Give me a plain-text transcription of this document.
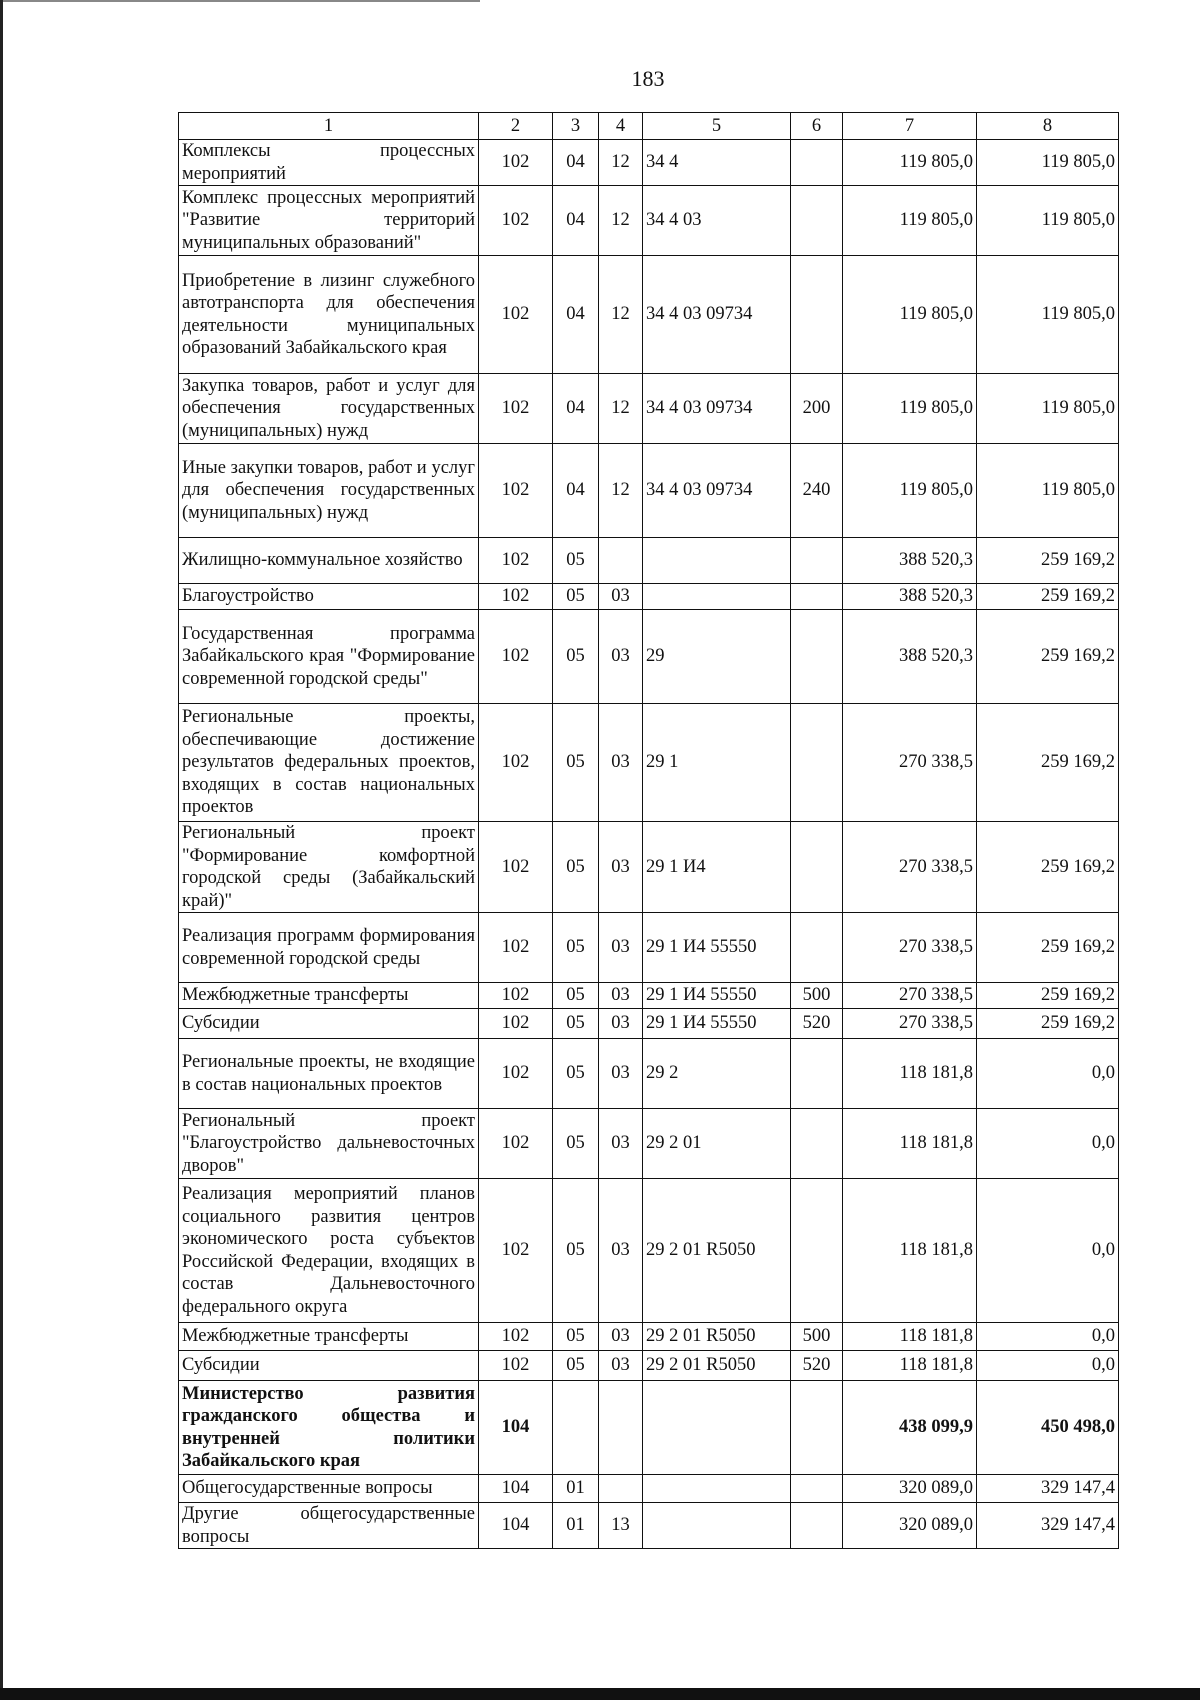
183
1	2	3	4	5	6	7	8
Комплексы процессных мероприятий	102	04	12	34 4		119 805,0	119 805,0
Комплекс процессных мероприятий "Развитие территорий муниципальных образований"	102	04	12	34 4 03		119 805,0	119 805,0
Приобретение в лизинг служебного автотранспорта для обеспечения деятельности муниципальных образований Забайкальского края	102	04	12	34 4 03 09734		119 805,0	119 805,0
Закупка товаров, работ и услуг для обеспечения государственных (муниципальных) нужд	102	04	12	34 4 03 09734	200	119 805,0	119 805,0
Иные закупки товаров, работ и услуг для обеспечения государственных (муниципальных) нужд	102	04	12	34 4 03 09734	240	119 805,0	119 805,0
Жилищно-коммунальное хозяйство	102	05				388 520,3	259 169,2
Благоустройство	102	05	03			388 520,3	259 169,2
Государственная программа Забайкальского края "Формирование современной городской среды"	102	05	03	29		388 520,3	259 169,2
Региональные проекты, обеспечивающие достижение результатов федеральных проектов, входящих в состав национальных проектов	102	05	03	29 1		270 338,5	259 169,2
Региональный проект "Формирование комфортной городской среды (Забайкальский край)"	102	05	03	29 1 И4		270 338,5	259 169,2
Реализация программ формирования современной городской среды	102	05	03	29 1 И4 55550		270 338,5	259 169,2
Межбюджетные трансферты	102	05	03	29 1 И4 55550	500	270 338,5	259 169,2
Субсидии	102	05	03	29 1 И4 55550	520	270 338,5	259 169,2
Региональные проекты, не входящие в состав национальных проектов	102	05	03	29 2		118 181,8	0,0
Региональный проект "Благоустройство дальневосточных дворов"	102	05	03	29 2 01		118 181,8	0,0
Реализация мероприятий планов социального развития центров экономического роста субъектов Российской Федерации, входящих в состав Дальневосточного федерального округа	102	05	03	29 2 01 R5050		118 181,8	0,0
Межбюджетные трансферты	102	05	03	29 2 01 R5050	500	118 181,8	0,0
Субсидии	102	05	03	29 2 01 R5050	520	118 181,8	0,0
Министерство развития гражданского общества и внутренней политики Забайкальского края	104					438 099,9	450 498,0
Общегосударственные вопросы	104	01				320 089,0	329 147,4
Другие общегосударственные вопросы	104	01	13			320 089,0	329 147,4
